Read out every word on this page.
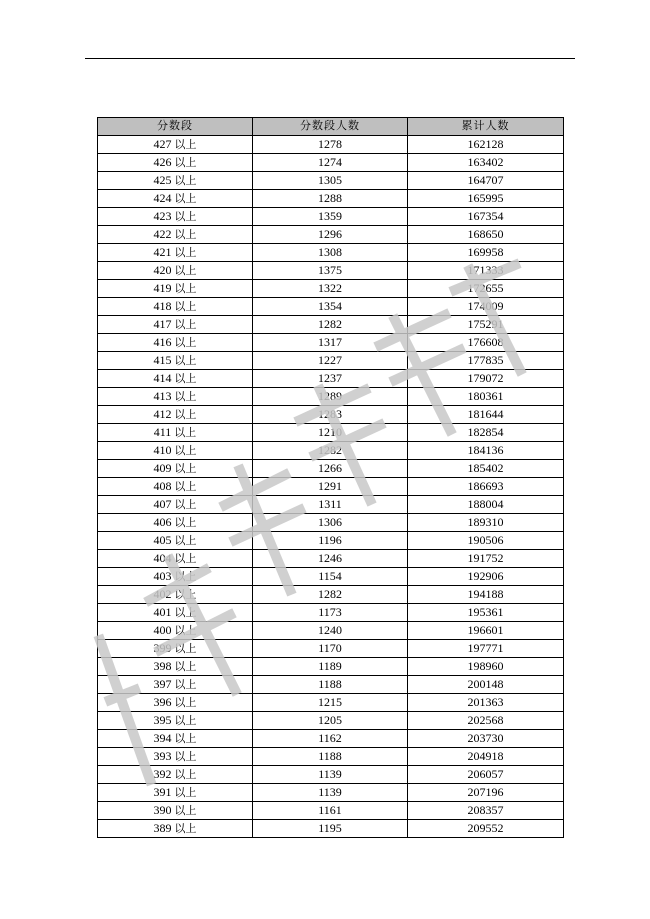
分数段	分数段人数	累计人数
427 以上	1278	162128
426 以上	1274	163402
425 以上	1305	164707
424 以上	1288	165995
423 以上	1359	167354
422 以上	1296	168650
421 以上	1308	169958
420 以上	1375	171333
419 以上	1322	172655
418 以上	1354	174009
417 以上	1282	175291
416 以上	1317	176608
415 以上	1227	177835
414 以上	1237	179072
413 以上	1289	180361
412 以上	1283	181644
411 以上	1210	182854
410 以上	1282	184136
409 以上	1266	185402
408 以上	1291	186693
407 以上	1311	188004
406 以上	1306	189310
405 以上	1196	190506
404 以上	1246	191752
403 以上	1154	192906
402 以上	1282	194188
401 以上	1173	195361
400 以上	1240	196601
399 以上	1170	197771
398 以上	1189	198960
397 以上	1188	200148
396 以上	1215	201363
395 以上	1205	202568
394 以上	1162	203730
393 以上	1188	204918
392 以上	1139	206057
391 以上	1139	207196
390 以上	1161	208357
389 以上	1195	209552
